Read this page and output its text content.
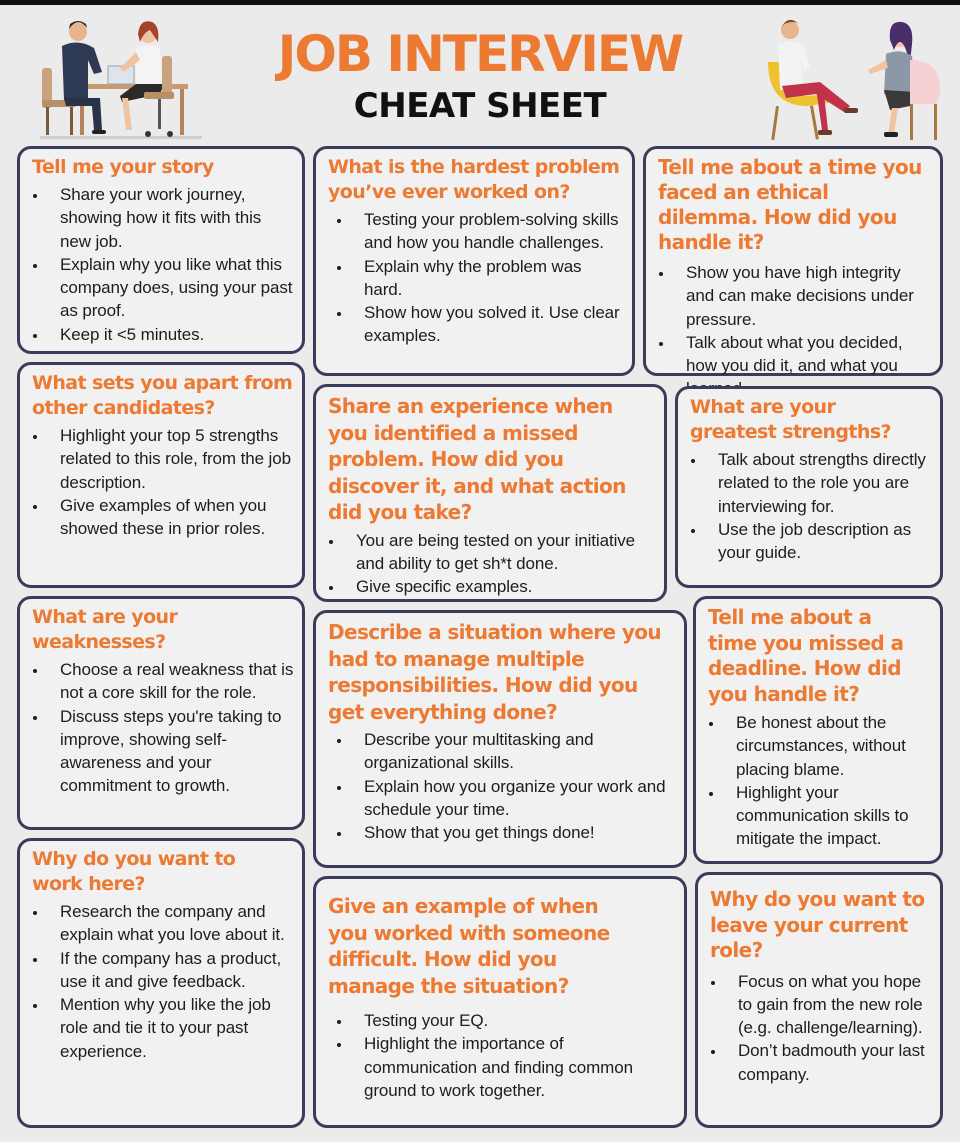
JOB INTERVIEW
CHEAT SHEET
Tell me your story
• Share your work journey, showing how it fits with this new job.
• Explain why you like what this company does, using your past as proof.
• Keep it <5 minutes.
What sets you apart from other candidates?
• Highlight your top 5 strengths related to this role, from the job description.
• Give examples of when you showed these in prior roles.
What are your weaknesses?
• Choose a real weakness that is not a core skill for the role.
• Discuss steps you're taking to improve, showing self-awareness and your commitment to growth.
Why do you want to work here?
• Research the company and explain what you love about it.
• If the company has a product, use it and give feedback.
• Mention why you like the job role and tie it to your past experience.
What is the hardest problem you’ve ever worked on?
• Testing your problem-solving skills and how you handle challenges.
• Explain why the problem was hard.
• Show how you solved it. Use clear examples.
Share an experience when you identified a missed problem. How did you discover it, and what action did you take?
• You are being tested on your initiative and ability to get sh*t done.
• Give specific examples.
Describe a situation where you had to manage multiple responsibilities. How did you get everything done?
• Describe your multitasking and organizational skills.
• Explain how you organize your work and schedule your time.
• Show that you get things done!
Give an example of when you worked with someone difficult. How did you manage the situation?
• Testing your EQ.
• Highlight the importance of communication and finding common ground to work together.
Tell me about a time you faced an ethical dilemma. How did you handle it?
• Show you have high integrity and can make decisions under pressure.
• Talk about what you decided, how you did it, and what you
What are your greatest strengths?
• Talk about strengths directly related to the role you are interviewing for.
• Use the job description as your guide.
Tell me about a time you missed a deadline. How did you handle it?
• Be honest about the circumstances, without placing blame.
• Highlight your communication skills to mitigate the impact.
Why do you want to leave your current role?
• Focus on what you hope to gain from the new role (e.g. challenge/learning).
• Don’t badmouth your last company.
